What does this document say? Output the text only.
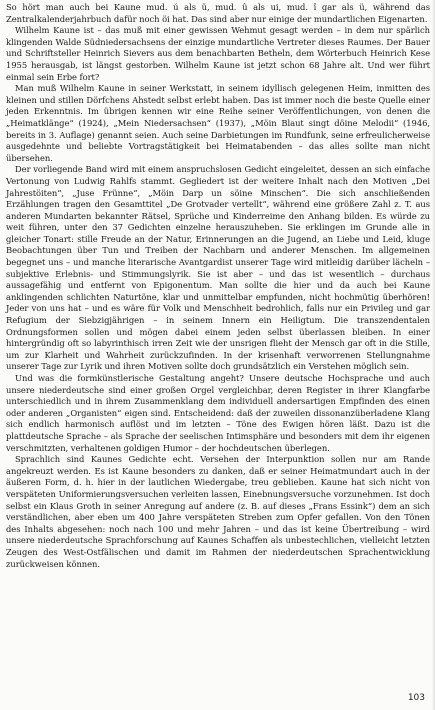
So hört man auch bei Kaune mud. ú als ü, mud. û als ui, mud. î gar als ü, während das Zentralkalenderjahrbuch dafür noch öi hat. Das sind aber nur einige der mundartlichen Eigenarten.

Wilhelm Kaune ist – das muß mit einer gewissen Wehmut gesagt werden – in dem nur spärlich klingenden Walde Südniedersachsens der einzige mundartliche Vertreter dieses Raumes. Der Bauer und Schriftsteller Heinrich Sievers aus dem benachbarten Betheln, dem Wörterbuch Heinrich Kese 1955 herausgab, ist längst gestorben. Wilhelm Kaune ist jetzt schon 68 Jahre alt. Und wer führt einmal sein Erbe fort?

Man muß Wilhelm Kaune in seiner Werkstatt, in seinem idyllisch gelegenen Heim, inmitten des kleinen und stillen Dörfchens Ahstedt selbst erlebt haben. Das ist immer noch die beste Quelle einer jeden Erkenntnis. Im übrigen kennen wir eine Reihe seiner Veröffentlichungen, von denen die „Heimatklänge“ (1924), „Mein Niedersachsen“ (1937), „Möin Blaut singt döine Melodii“ (1946, bereits in 3. Auflage) genannt seien. Auch seine Darbietungen im Rundfunk, seine erfreulicherweise ausgedehnte und beliebte Vortragstätigkeit bei Heimatabenden – das alles sollte man nicht übersehen.

Der vorliegende Band wird mit einem anspruchslosen Gedicht eingeleitet, dessen an sich einfache Vertonung von Ludwig Rahlfs stammt. Gegliedert ist der weitere Inhalt nach den Motiven „Dei Jahrestöiten“, „Juse Frünne“, „Möin Darp un söine Minschen“. Die sich anschließenden Erzählungen tragen den Gesamttitel „De Grotvader vertellt“, während eine größere Zahl z. T. aus anderen Mundarten bekannter Rätsel, Sprüche und Kinderreime den Anhang bilden. Es würde zu weit führen, unter den 37 Gedichten einzelne herauszuheben. Sie erklingen im Grunde alle in gleicher Tonart: stille Freude an der Natur, Erinnerungen an die Jugend, an Liebe und Leid, kluge Beobachtungen über Tun und Treiben der Nachbarn und anderer Menschen. Im allgemeinen begegnet uns – und manche literarische Avantgardist unserer Tage wird mitleidig darüber lächeln – subjektive Erlebnis- und Stimmungslyrik. Sie ist aber – und das ist wesentlich – durchaus aussagefähig und entfernt von Epigonentum. Man sollte die hier und da auch bei Kaune anklingenden schlichten Naturtöne, klar und unmittelbar empfunden, nicht hochmütig überhören! Jeder von uns hat – und es wäre für Volk und Menschheit bedrohlich, falls nur ein Privileg und gar Refugium der Siebzigjährigen – in seinem Innern ein Heiligtum. Die transzendentalen Ordnungsformen sollen und mögen dabei einem jeden selbst überlassen bleiben. In einer hintergründig oft so labyrinthisch irren Zeit wie der unsrigen flieht der Mensch gar oft in die Stille, um zur Klarheit und Wahrheit zurückzufinden. In der krisenhaft verworrenen Stellungnahme unserer Tage zur Lyrik und ihren Motiven sollte doch grundsätzlich ein Verstehen möglich sein.

Und was die formkünstlerische Gestaltung angeht? Unsere deutsche Hochsprache und auch unsere niederdeutsche sind einer großen Orgel vergleichbar, deren Register in ihrer Klangfarbe unterschiedlich und in ihrem Zusammenklang dem individuell andersartigen Empfinden des einen oder anderen „Organisten“ eigen sind. Entscheidend: daß der zuweilen dissonanzüberladene Klang sich endlich harmonisch auflöst und im letzten – Töne des Ewigen hören läßt. Dazu ist die plattdeutsche Sprache – als Sprache der seelischen Intimsphäre und besonders mit dem ihr eigenen verschmitzten, verhaltenen goldigen Humor – der hochdeutschen überlegen.

Sprachlich sind Kaunes Gedichte echt. Versehen der Interpunktion sollen nur am Rande angekreuzt werden. Es ist Kaune besonders zu danken, daß er seiner Heimatmundart auch in der äußeren Form, d. h. hier in der lautlichen Wiedergabe, treu geblieben. Kaune hat sich nicht von verspäteten Uniformierungsversuchen verleiten lassen, Einebnungsversuche vorzunehmen. Ist doch selbst ein Klaus Groth in seiner Anregung auf andere (z. B. auf dieses „Frans Essink“) dem an sich verständlichen, aber eben um 400 Jahre verspäteten Streben zum Opfer gefallen. Von den Tönen des Inhalts abgesehen: noch nach 100 und mehr Jahren – und das ist keine Übertreibung – wird unsere niederdeutsche Sprachforschung auf Kaunes Schaffen als unbestechlichen, vielleicht letzten Zeugen des West-Ostfälischen und damit im Rahmen der niederdeutschen Sprachentwicklung zurückweisen können.

103
